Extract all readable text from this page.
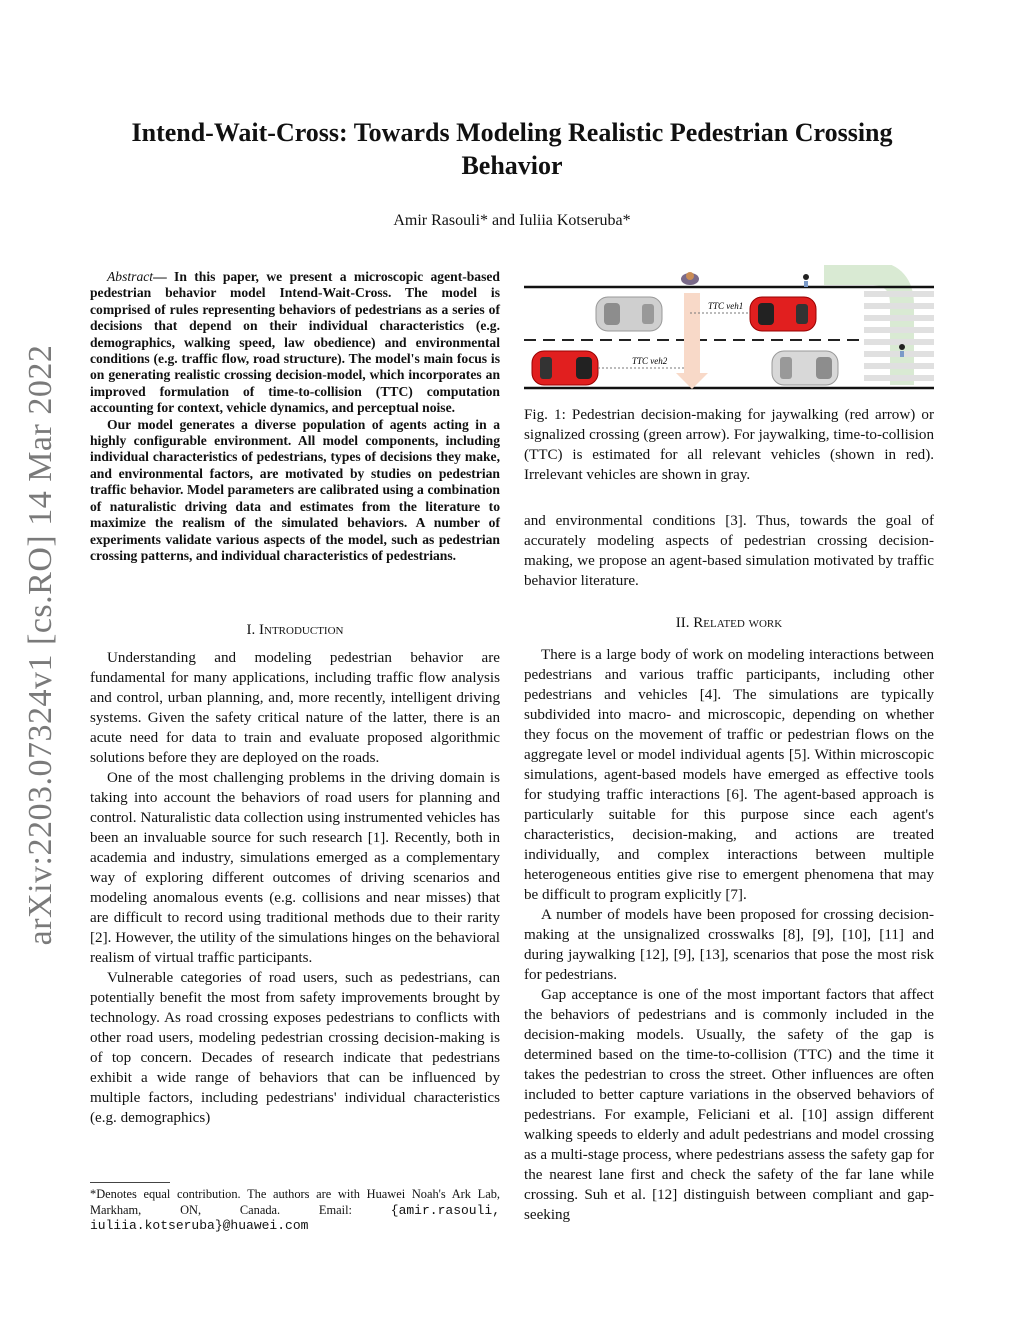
arXiv:2203.07324v1 [cs.RO] 14 Mar 2022
Intend-Wait-Cross: Towards Modeling Realistic Pedestrian Crossing Behavior
Amir Rasouli* and Iuliia Kotseruba*

Abstract— In this paper, we present a microscopic agent-based pedestrian behavior model Intend-Wait-Cross. The model is comprised of rules representing behaviors of pedestrians as a series of decisions that depend on their individual characteristics (e.g. demographics, walking speed, law obedience) and environmental conditions (e.g. traffic flow, road structure). The model's main focus is on generating realistic crossing decision-model, which incorporates an improved formulation of time-to-collision (TTC) computation accounting for context, vehicle dynamics, and perceptual noise.

Our model generates a diverse population of agents acting in a highly configurable environment. All model components, including individual characteristics of pedestrians, types of decisions they make, and environmental factors, are motivated by studies on pedestrian traffic behavior. Model parameters are calibrated using a combination of naturalistic driving data and estimates from the literature to maximize the realism of the simulated behaviors. A number of experiments validate various aspects of the model, such as pedestrian crossing patterns, and individual characteristics of pedestrians.

I. Introduction

Understanding and modeling pedestrian behavior are fundamental for many applications, including traffic flow analysis and control, urban planning, and, more recently, intelligent driving systems. Given the safety critical nature of the latter, there is an acute need for data to train and evaluate proposed algorithmic solutions before they are deployed on the roads.

One of the most challenging problems in the driving domain is taking into account the behaviors of road users for planning and control. Naturalistic data collection using instrumented vehicles has been an invaluable source for such research [1]. Recently, both in academia and industry, simulations emerged as a complementary way of exploring different outcomes of driving scenarios and modeling anomalous events (e.g. collisions and near misses) that are difficult to record using traditional methods due to their rarity [2]. However, the utility of the simulations hinges on the behavioral realism of virtual traffic participants.

Vulnerable categories of road users, such as pedestrians, can potentially benefit the most from safety improvements brought by technology. As road crossing exposes pedestrians to conflicts with other road users, modeling pedestrian crossing decision-making is of top concern. Decades of research indicate that pedestrians exhibit a wide range of behaviors that can be influenced by multiple factors, including pedestrians' individual characteristics (e.g. demographics)

*Denotes equal contribution. The authors are with Huawei Noah's Ark Lab, Markham, ON, Canada. Email:	{amir.rasouli, iuliia.kotseruba}@huawei.com
TTC veh1
TTC veh2
Fig. 1: Pedestrian decision-making for jaywalking (red arrow) or signalized crossing (green arrow). For jaywalking, time-to-collision (TTC) is estimated for all relevant vehicles (shown in red). Irrelevant vehicles are shown in gray.

and environmental conditions [3]. Thus, towards the goal of accurately modeling aspects of pedestrian crossing decision-making, we propose an agent-based simulation motivated by traffic behavior literature.

II. Related work

There is a large body of work on modeling interactions between pedestrians and various traffic participants, including other pedestrians and vehicles [4]. The simulations are typically subdivided into macro- and microscopic, depending on whether they focus on the movement of traffic or pedestrian flows on the aggregate level or model individual agents [5]. Within microscopic simulations, agent-based models have emerged as effective tools for studying traffic interactions [6]. The agent-based approach is particularly suitable for this purpose since each agent's characteristics, decision-making, and actions are treated individually, and complex interactions between multiple heterogeneous entities give rise to emergent phenomena that may be difficult to program explicitly [7].

A number of models have been proposed for crossing decision-making at the unsignalized crosswalks [8], [9], [10], [11] and during jaywalking [12], [9], [13], scenarios that pose the most risk for pedestrians.

Gap acceptance is one of the most important factors that affect the behaviors of pedestrians and is commonly included in the decision-making models. Usually, the safety of the gap is determined based on the time-to-collision (TTC) and the time it takes the pedestrian to cross the street. Other influences are often included to better capture variations in the observed behaviors of pedestrians. For example, Feliciani et al. [10] assign different walking speeds to elderly and adult pedestrians and model crossing as a multi-stage process, where pedestrians assess the safety gap for the nearest lane first and check the safety of the far lane while crossing. Suh et al. [12] distinguish between compliant and gap-seeking
